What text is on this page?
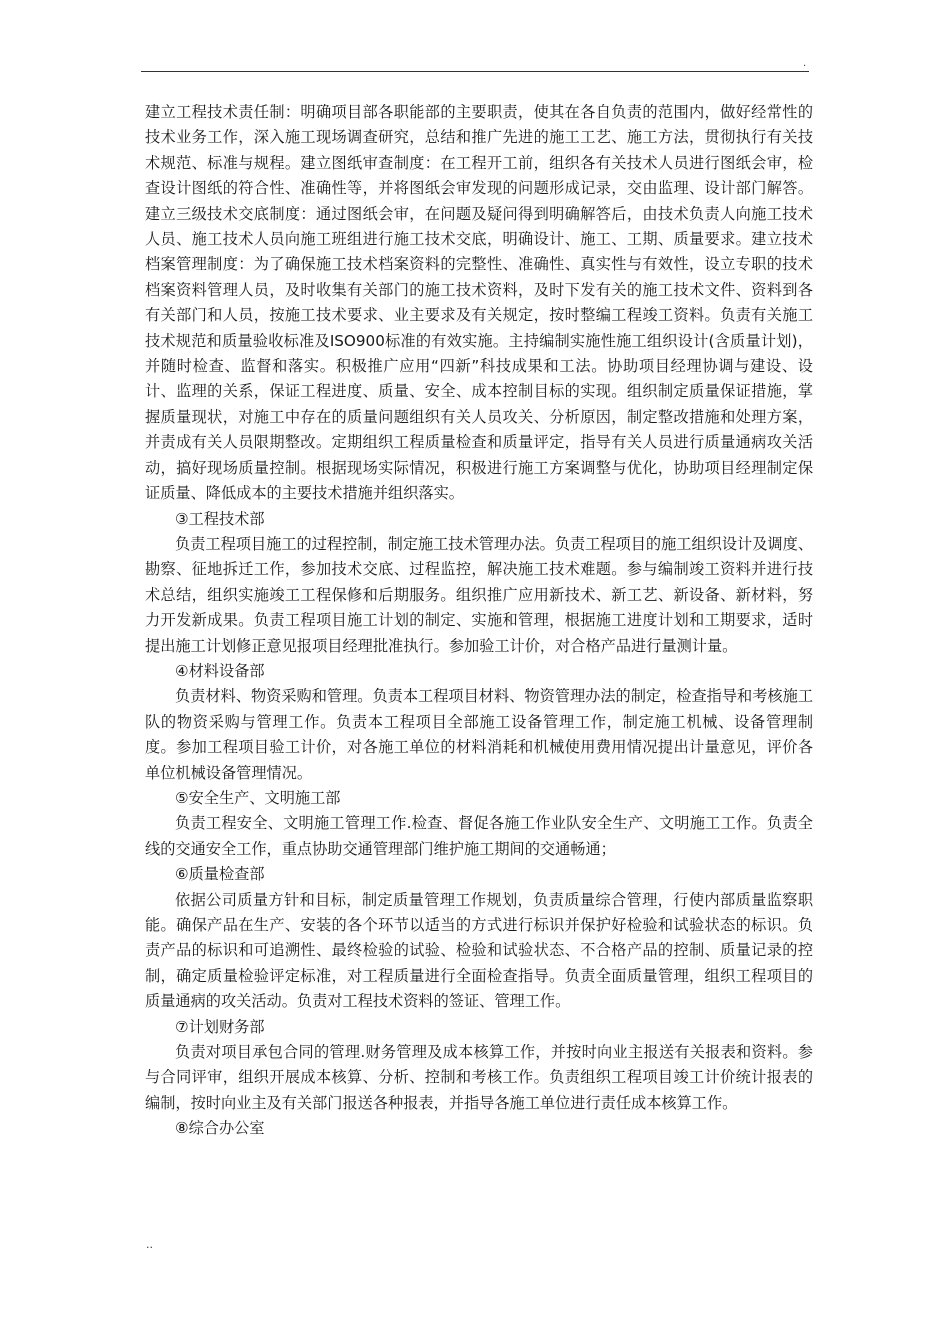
.

建立工程技术责任制：明确项目部各职能部的主要职责，使其在各自负责的范围内，做好经常性的技术业务工作，深入施工现场调查研究，总结和推广先进的施工工艺、施工方法，贯彻执行有关技术规范、标准与规程。建立图纸审查制度：在工程开工前，组织各有关技术人员进行图纸会审，检查设计图纸的符合性、准确性等，并将图纸会审发现的问题形成记录，交由监理、设计部门解答。建立三级技术交底制度：通过图纸会审，在问题及疑问得到明确解答后，由技术负责人向施工技术人员、施工技术人员向施工班组进行施工技术交底，明确设计、施工、工期、质量要求。建立技术档案管理制度：为了确保施工技术档案资料的完整性、准确性、真实性与有效性，设立专职的技术档案资料管理人员，及时收集有关部门的施工技术资料，及时下发有关的施工技术文件、资料到各有关部门和人员，按施工技术要求、业主要求及有关规定，按时整编工程竣工资料。负责有关施工技术规范和质量验收标准及ISO900标准的有效实施。主持编制实施性施工组织设计(含质量计划)，并随时检查、监督和落实。积极推广应用“四新”科技成果和工法。协助项目经理协调与建设、设计、监理的关系，保证工程进度、质量、安全、成本控制目标的实现。组织制定质量保证措施，掌握质量现状，对施工中存在的质量问题组织有关人员攻关、分析原因，制定整改措施和处理方案，并责成有关人员限期整改。定期组织工程质量检查和质量评定，指导有关人员进行质量通病攻关活动，搞好现场质量控制。根据现场实际情况，积极进行施工方案调整与优化，协助项目经理制定保证质量、降低成本的主要技术措施并组织落实。

③工程技术部

负责工程项目施工的过程控制，制定施工技术管理办法。负责工程项目的施工组织设计及调度、勘察、征地拆迁工作，参加技术交底、过程监控，解决施工技术难题。参与编制竣工资料并进行技术总结，组织实施竣工工程保修和后期服务。组织推广应用新技术、新工艺、新设备、新材料，努力开发新成果。负责工程项目施工计划的制定、实施和管理，根据施工进度计划和工期要求，适时提出施工计划修正意见报项目经理批准执行。参加验工计价，对合格产品进行量测计量。

④材料设备部

负责材料、物资采购和管理。负责本工程项目材料、物资管理办法的制定，检查指导和考核施工队的物资采购与管理工作。负责本工程项目全部施工设备管理工作，制定施工机械、设备管理制度。参加工程项目验工计价，对各施工单位的材料消耗和机械使用费用情况提出计量意见，评价各单位机械设备管理情况。

⑤安全生产、文明施工部

负责工程安全、文明施工管理工作.检查、督促各施工作业队安全生产、文明施工工作。负责全线的交通安全工作，重点协助交通管理部门维护施工期间的交通畅通；

⑥质量检查部

依据公司质量方针和目标，制定质量管理工作规划，负责质量综合管理，行使内部质量监察职能。确保产品在生产、安装的各个环节以适当的方式进行标识并保护好检验和试验状态的标识。负责产品的标识和可追溯性、最终检验的试验、检验和试验状态、不合格产品的控制、质量记录的控制，确定质量检验评定标准，对工程质量进行全面检查指导。负责全面质量管理，组织工程项目的质量通病的攻关活动。负责对工程技术资料的签证、管理工作。

⑦计划财务部

负责对项目承包合同的管理.财务管理及成本核算工作，并按时向业主报送有关报表和资料。参与合同评审，组织开展成本核算、分析、控制和考核工作。负责组织工程项目竣工计价统计报表的编制，按时向业主及有关部门报送各种报表，并指导各施工单位进行责任成本核算工作。

⑧综合办公室

..
